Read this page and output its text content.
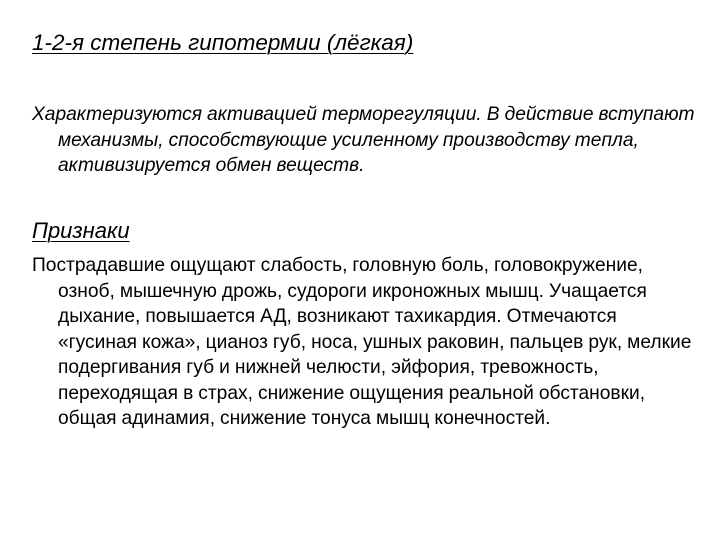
1-2-я степень гипотермии (лёгкая)
Характеризуются активацией терморегуляции. В действие вступают механизмы, способствующие усиленному производству тепла, активизируется обмен веществ.
Признаки
Пострадавшие ощущают слабость, головную боль, головокружение, озноб, мышечную дрожь, судороги икроножных мышц. Учащается дыхание, повышается АД, возникают тахикардия. Отмечаются «гусиная кожа», цианоз губ, носа, ушных раковин, пальцев рук, мелкие подергивания губ и нижней челюсти, эйфория, тревожность, переходящая в страх, снижение ощущения реальной обстановки, общая адинамия, снижение тонуса мышц конечностей.
